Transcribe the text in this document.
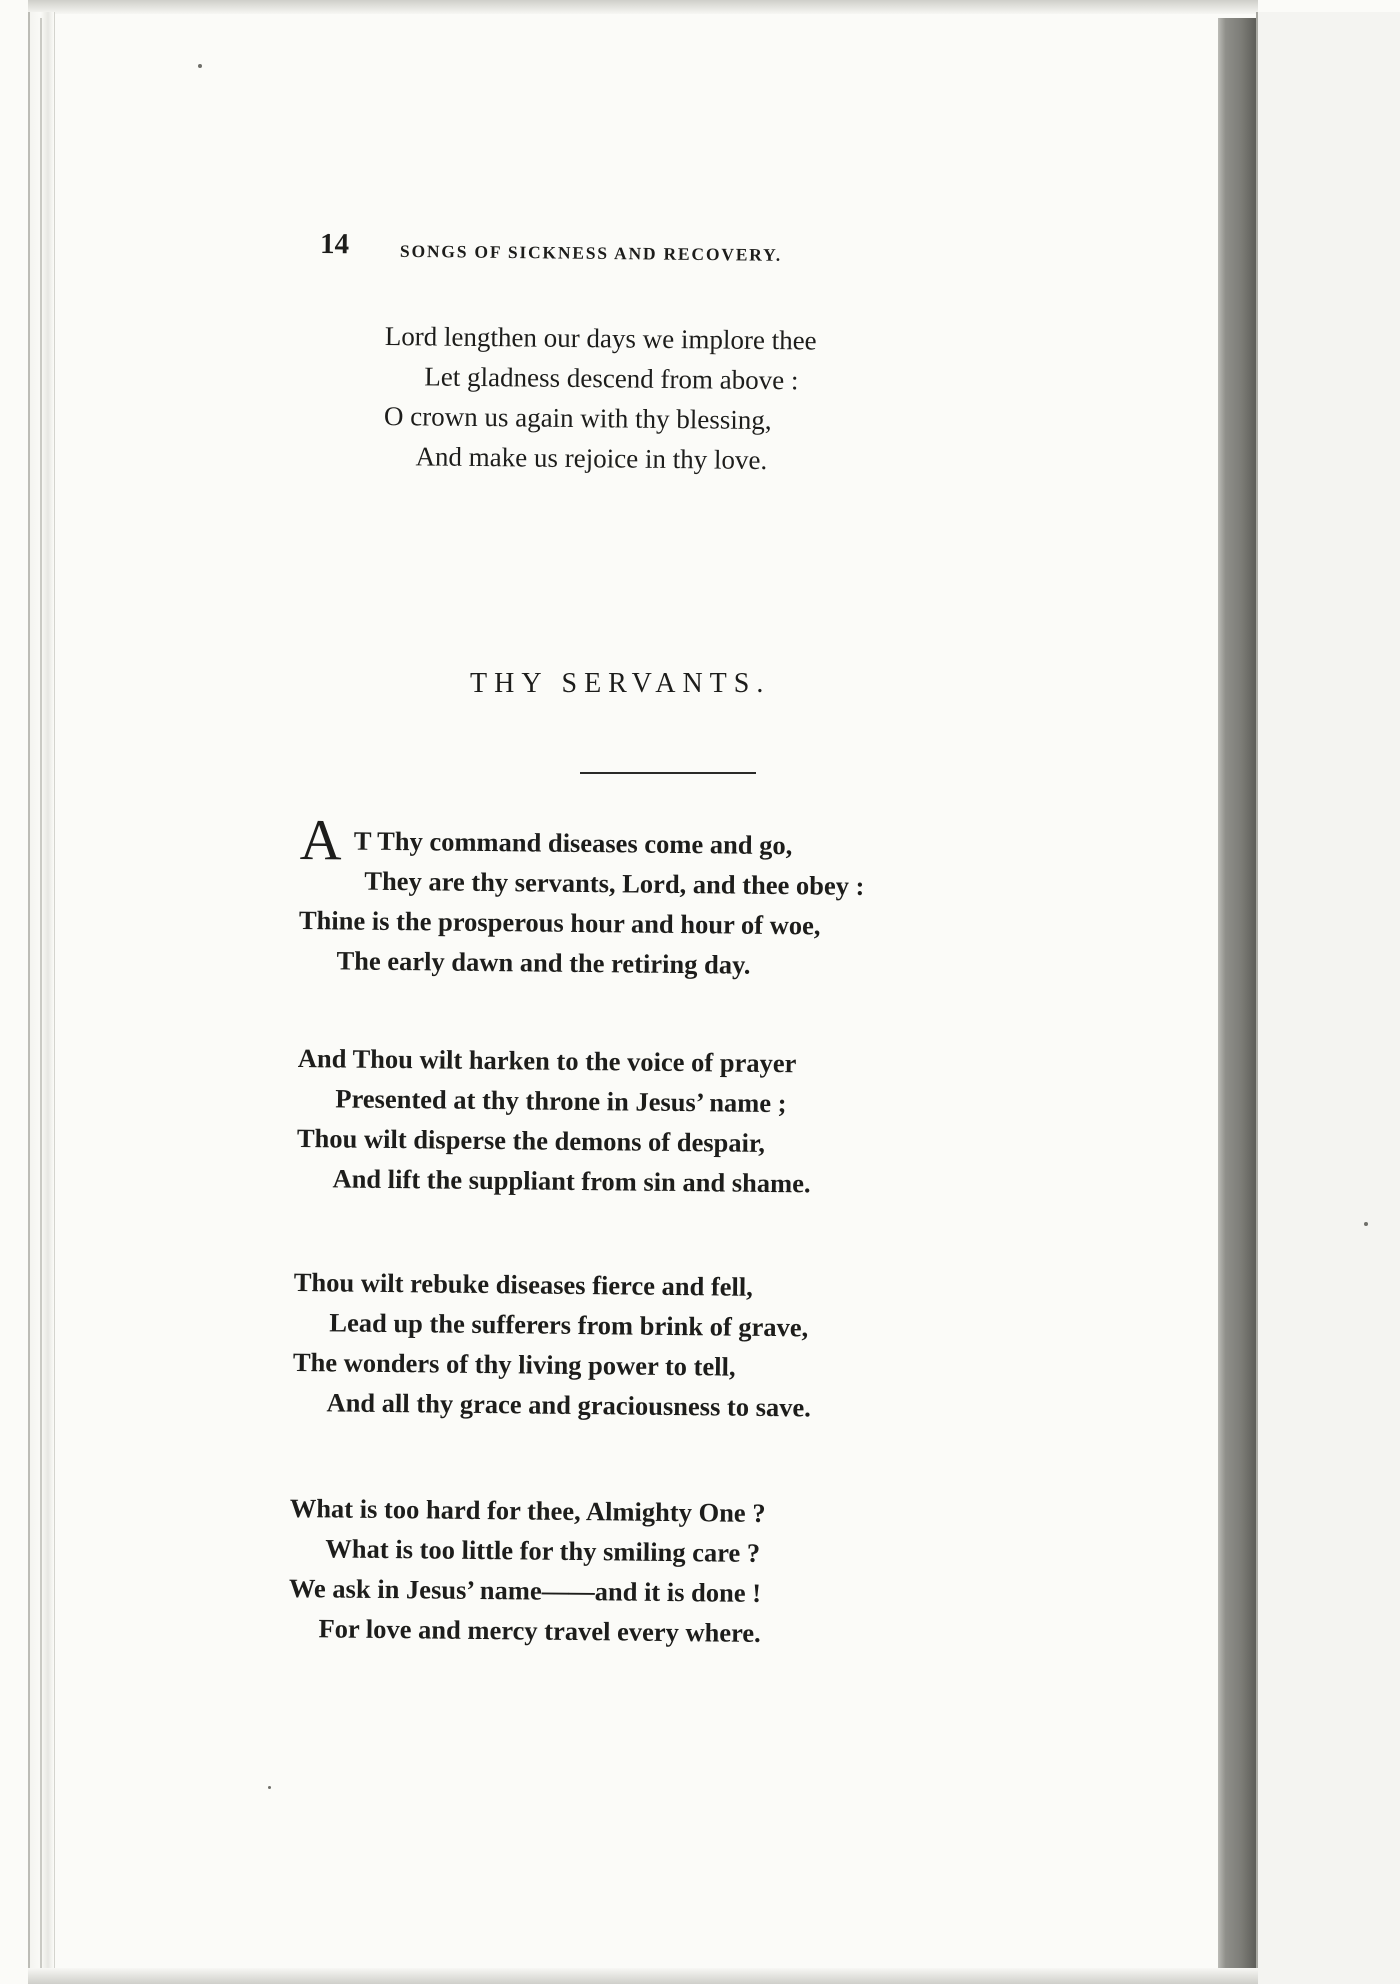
14	SONGS OF SICKNESS AND RECOVERY.

Lord lengthen our days we implore thee
Let gladness descend from above :
O crown us again with thy blessing,
And make us rejoice in thy love.

THY SERVANTS.

A T Thy command diseases come and go,
They are thy servants, Lord, and thee obey :
Thine is the prosperous hour and hour of woe,
The early dawn and the retiring day.

And Thou wilt harken to the voice of prayer
Presented at thy throne in Jesus’ name ;
Thou wilt disperse the demons of despair,
And lift the suppliant from sin and shame.

Thou wilt rebuke diseases fierce and fell,
Lead up the sufferers from brink of grave,
The wonders of thy living power to tell,
And all thy grace and graciousness to save.

What is too hard for thee, Almighty One ?
What is too little for thy smiling care ?
We ask in Jesus’ name——and it is done !
For love and mercy travel every where.
